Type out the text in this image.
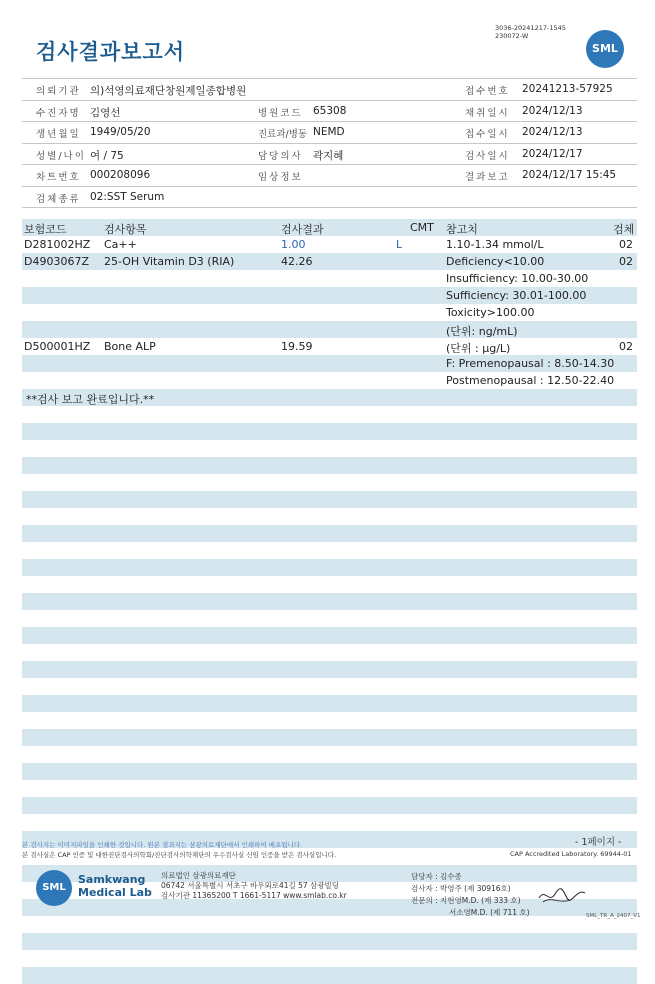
검사결과보고서
3036-20241217-1545
230072-W
SML
의뢰기관 의)석영의료재단창원제일종합병원	접수번호 20241213-57925
수진자명 김영선	병원코드 65308	채취일시 2024/12/13
생년월일 1949/05/20	진료과/병동 NEMD	접수일시 2024/12/13
성별/나이 여 / 75	담당의사 곽지혜	검사일시 2024/12/17
차트번호 000208096	임상정보	결과보고 2024/12/17 15:45
검체종류 02:SST Serum
보험코드	검사항목	검사결과	CMT 참고치	검체
D281002HZ Ca++	1.00	L	1.10-1.34 mmol/L	02
D4903067Z 25-OH Vitamin D3 (RIA)	42.26	Deficiency<10.00	02
Insufficiency: 10.00-30.00
Sufficiency: 30.01-100.00
Toxicity>100.00
(단위: ng/mL)
D500001HZ Bone ALP	19.59	(단위 : µg/L)	02
F: Premenopausal : 8.50-14.30
Postmenopausal : 12.50-22.40
**검사 보고 완료입니다.**
- 1페이지 -
본 검사지는 이미지파일을 인쇄한 것입니다. 원본 결과지는 삼광의료재단에서 인쇄하여 배포됩니다.
본 검사실은 CAP 인증 및 대한진단검사의학회/진단검사의학재단의 우수검사실 신임 인증을 받은 검사실입니다.	CAP Accredited Laboratory. 69944-01
SML
Samkwang
Medical Lab
의료법인 삼광의료재단
06742 서울특별시 서초구 바우뫼로41길 57 삼광빌딩
검사기관 11365200 T 1661-5117 www.smlab.co.kr
담당자 : 김수종
검사자 : 박영주 (제 30916호)
전문의 : 지현영M.D. (제 333 호)
서소영M.D. (제 711 호)	SML_TR_A_2407_V1
